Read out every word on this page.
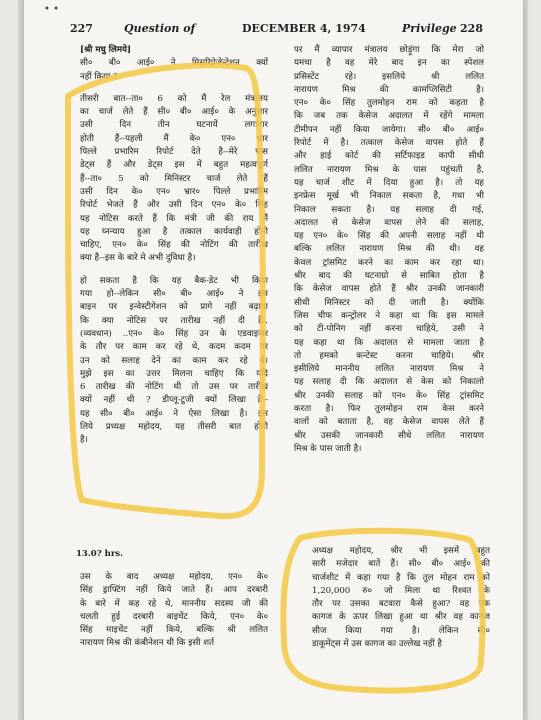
• •
227	Question of	DECEMBER 4, 1974	Privilege 228
[श्री मधु लिमये]
सी० बी० आई० ने मिसरिप्रेजेन्टेशन क्यों
नहीं किया ?
तीसरी बात--ता० 6 को मैं रेल मंत्रालय
का चार्ज लेते हैं सी० बी० आई० के अनुसार
उसी दिन तीन घटनायें लगातार
होती हैं--पहली मैं के० एन० भ्रार
पिल्ले प्रभारिम रिपोर्ट देते है--मेरे पास
डेट्स हैं और डेट्स इस में बहुत महत्वपूर्ण
हैं--ता० 5 को मिनिस्टर चार्ज लेते हैं
उसी दिन के० एन० भ्रार० पिल्ले प्रभारिम
रिपोर्ट भेजते हैं और उसी दिन एन० के० सिंह
यह नोटिस करते हैं कि मंत्री जी की राय मैं
यह घ्नन्याय हुआ है तत्काल कार्यवाही होनी
चाहिए, एन० के० सिंह की नोटिंग की तारीख
क्या है--इस के बारे मे अभी दुविधा है।
हो सकता है कि यह बैक-डेट भी किया
गया हो--लेकिन सी० बी० आई० ने इस
बाइन पर इन्वेस्टीगेशन को प्रागे नहीं बढ़ाया
कि क्या नोटिस पर तारीख नहीं दी है..
(व्यवधान) ..एन० के० सिंह उन के एडवाइजर
के तौर पर काम कर रहे थे, कदम कदम पर
उन को सलाह देने का काम कर रहे थे।
मुझे इस का उत्तर मिलना चाहिए कि यदि
6 तारीख की नोटिंग थी तो उस पर तारीख
क्यों नहीं थी ? डीप्लू-टुजी क्यों लिखा है--
यह सी० बी० आई० ने ऐसा लिखा है। इस
लिये प्रध्यक्ष महोदय, यह तीसरी बात होती
है।
13.0? hrs.
उस के बाद अध्यक्ष महोदय, एन० के०
सिंह ड्राफ्टिंग नहीं किये जाते हैं। आप दरबारी
के बारे में कह रहे थे, माननीय सदस्य जी की
चलती हुई दरबारी बाइचेंट किये, एन० के०
सिंह माइचेंट नहीं किये, बल्कि श्री ललित
नारायण मिश्र की कंबीनेशन थी कि इसी शर्त
पर मैं व्यापार मंत्रालय छोड़ूंगा कि मेरा जो
यमचा है वह मेरे बाद इन का स्पेशल
प्रसिस्टेंट रहे। इसलिये श्री ललित
नारायण मिश्र की कामप्लिसिटी है।
एन० के० सिंह तुलमोहन राम को कहता है
कि जब तक केसेज अदालत में रहेंगे मामला
टीमीपन नहीं किया जायेगा। सी० बी० आई०
रिपोर्ट में है। तत्काल केसेज वापस होते हैं
और हाई कोर्ट की सर्टिफाइड कापी सीधी
ललित नारायण मिश्र के पास पहुंचती है,
यह चार्ज शीट में दिया हुआ है। तो यह
इनफ्रेस मूर्ख भी निकाल सकता है, गधा भी
निकाल सकता है। यह सलाह दी गई,
अदालत से केसेज वापस लेने की सलाह,
यह एन० के० सिंह की अपनी सलाह नहीं थी
बल्कि ललित नारायण मिश्र की थी। वह
केवल ट्रांसमिट करने का काम कर रहा था।
श्रीर बाद की घटनाग्रो से साबित होता है
कि केसेज वापस होते हैं श्रीर उनकी जानकारी
सीधी मिनिस्टर को दी जाती है। क्योंकि
जिस चीफ कन्ट्रोलर ने कहा था कि इस मामले
को टी-पोनिग नहीं करना चाहिये, उसी ने
यह कहा था कि अदालत से मामला जाता है
तो हमको कन्टेस्ट करना चाहिये। श्रीर
इसीलिये माननीय ललित नारायण मिश्र ने
यह सलाह दी कि अदालत से केस को निकालो
श्रीर उनकी सलाह को एन० के० सिंह ट्रांसमिट
करता है। फिर तुलमोहन राम केस करने
वालों को बताता है, वह केसेज वापस लेते हैं
श्रीर उसकी जानकारी सीधे ललित नारायण
मिश्र के पास जाती है।
अध्यक्ष महोदय, श्रीर भी इसमें बहुत
सारी मजेदार बातें हैं। सी० बी० आई० की
चार्जशीट में कहा गया है कि तुल मोहन राम को
1,20,000 रु० जो मिला था रिश्वत के
तौर पर उसका बटवारा कैसे हुआ? वह एक
कागज के ऊपर लिखा हुआ था श्रीर वह कागज
सीज किया गया है। लेकिन सी०
डाकूमेंट्स में उस कागज का उल्लेख नहीं है
